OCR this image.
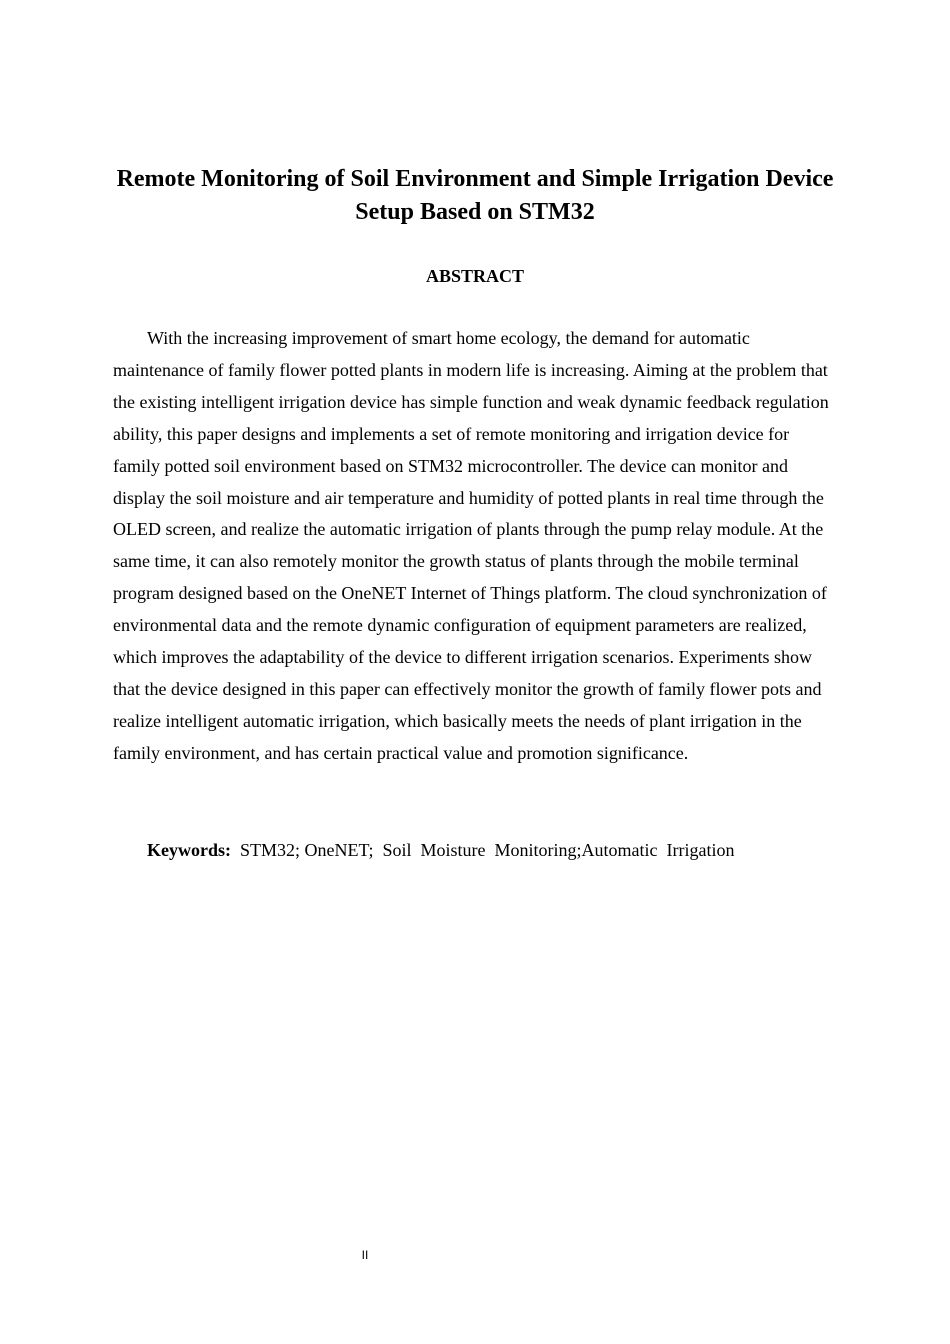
Remote Monitoring of Soil Environment and Simple Irrigation Device Setup Based on STM32
ABSTRACT

With the increasing improvement of smart home ecology, the demand for automatic maintenance of family flower potted plants in modern life is increasing. Aiming at the problem that the existing intelligent irrigation device has simple function and weak dynamic feedback regulation ability, this paper designs and implements a set of remote monitoring and irrigation device for family potted soil environment based on STM32 microcontroller. The device can monitor and display the soil moisture and air temperature and humidity of potted plants in real time through the OLED screen, and realize the automatic irrigation of plants through the pump relay module. At the same time, it can also remotely monitor the growth status of plants through the mobile terminal program designed based on the OneNET Internet of Things platform. The cloud synchronization of environmental data and the remote dynamic configuration of equipment parameters are realized, which improves the adaptability of the device to different irrigation scenarios. Experiments show that the device designed in this paper can effectively monitor the growth of family flower pots and realize intelligent automatic irrigation, which basically meets the needs of plant irrigation in the family environment, and has certain practical value and promotion significance.

Keywords: STM32; OneNET;  Soil  Moisture  Monitoring;Automatic  Irrigation

II
